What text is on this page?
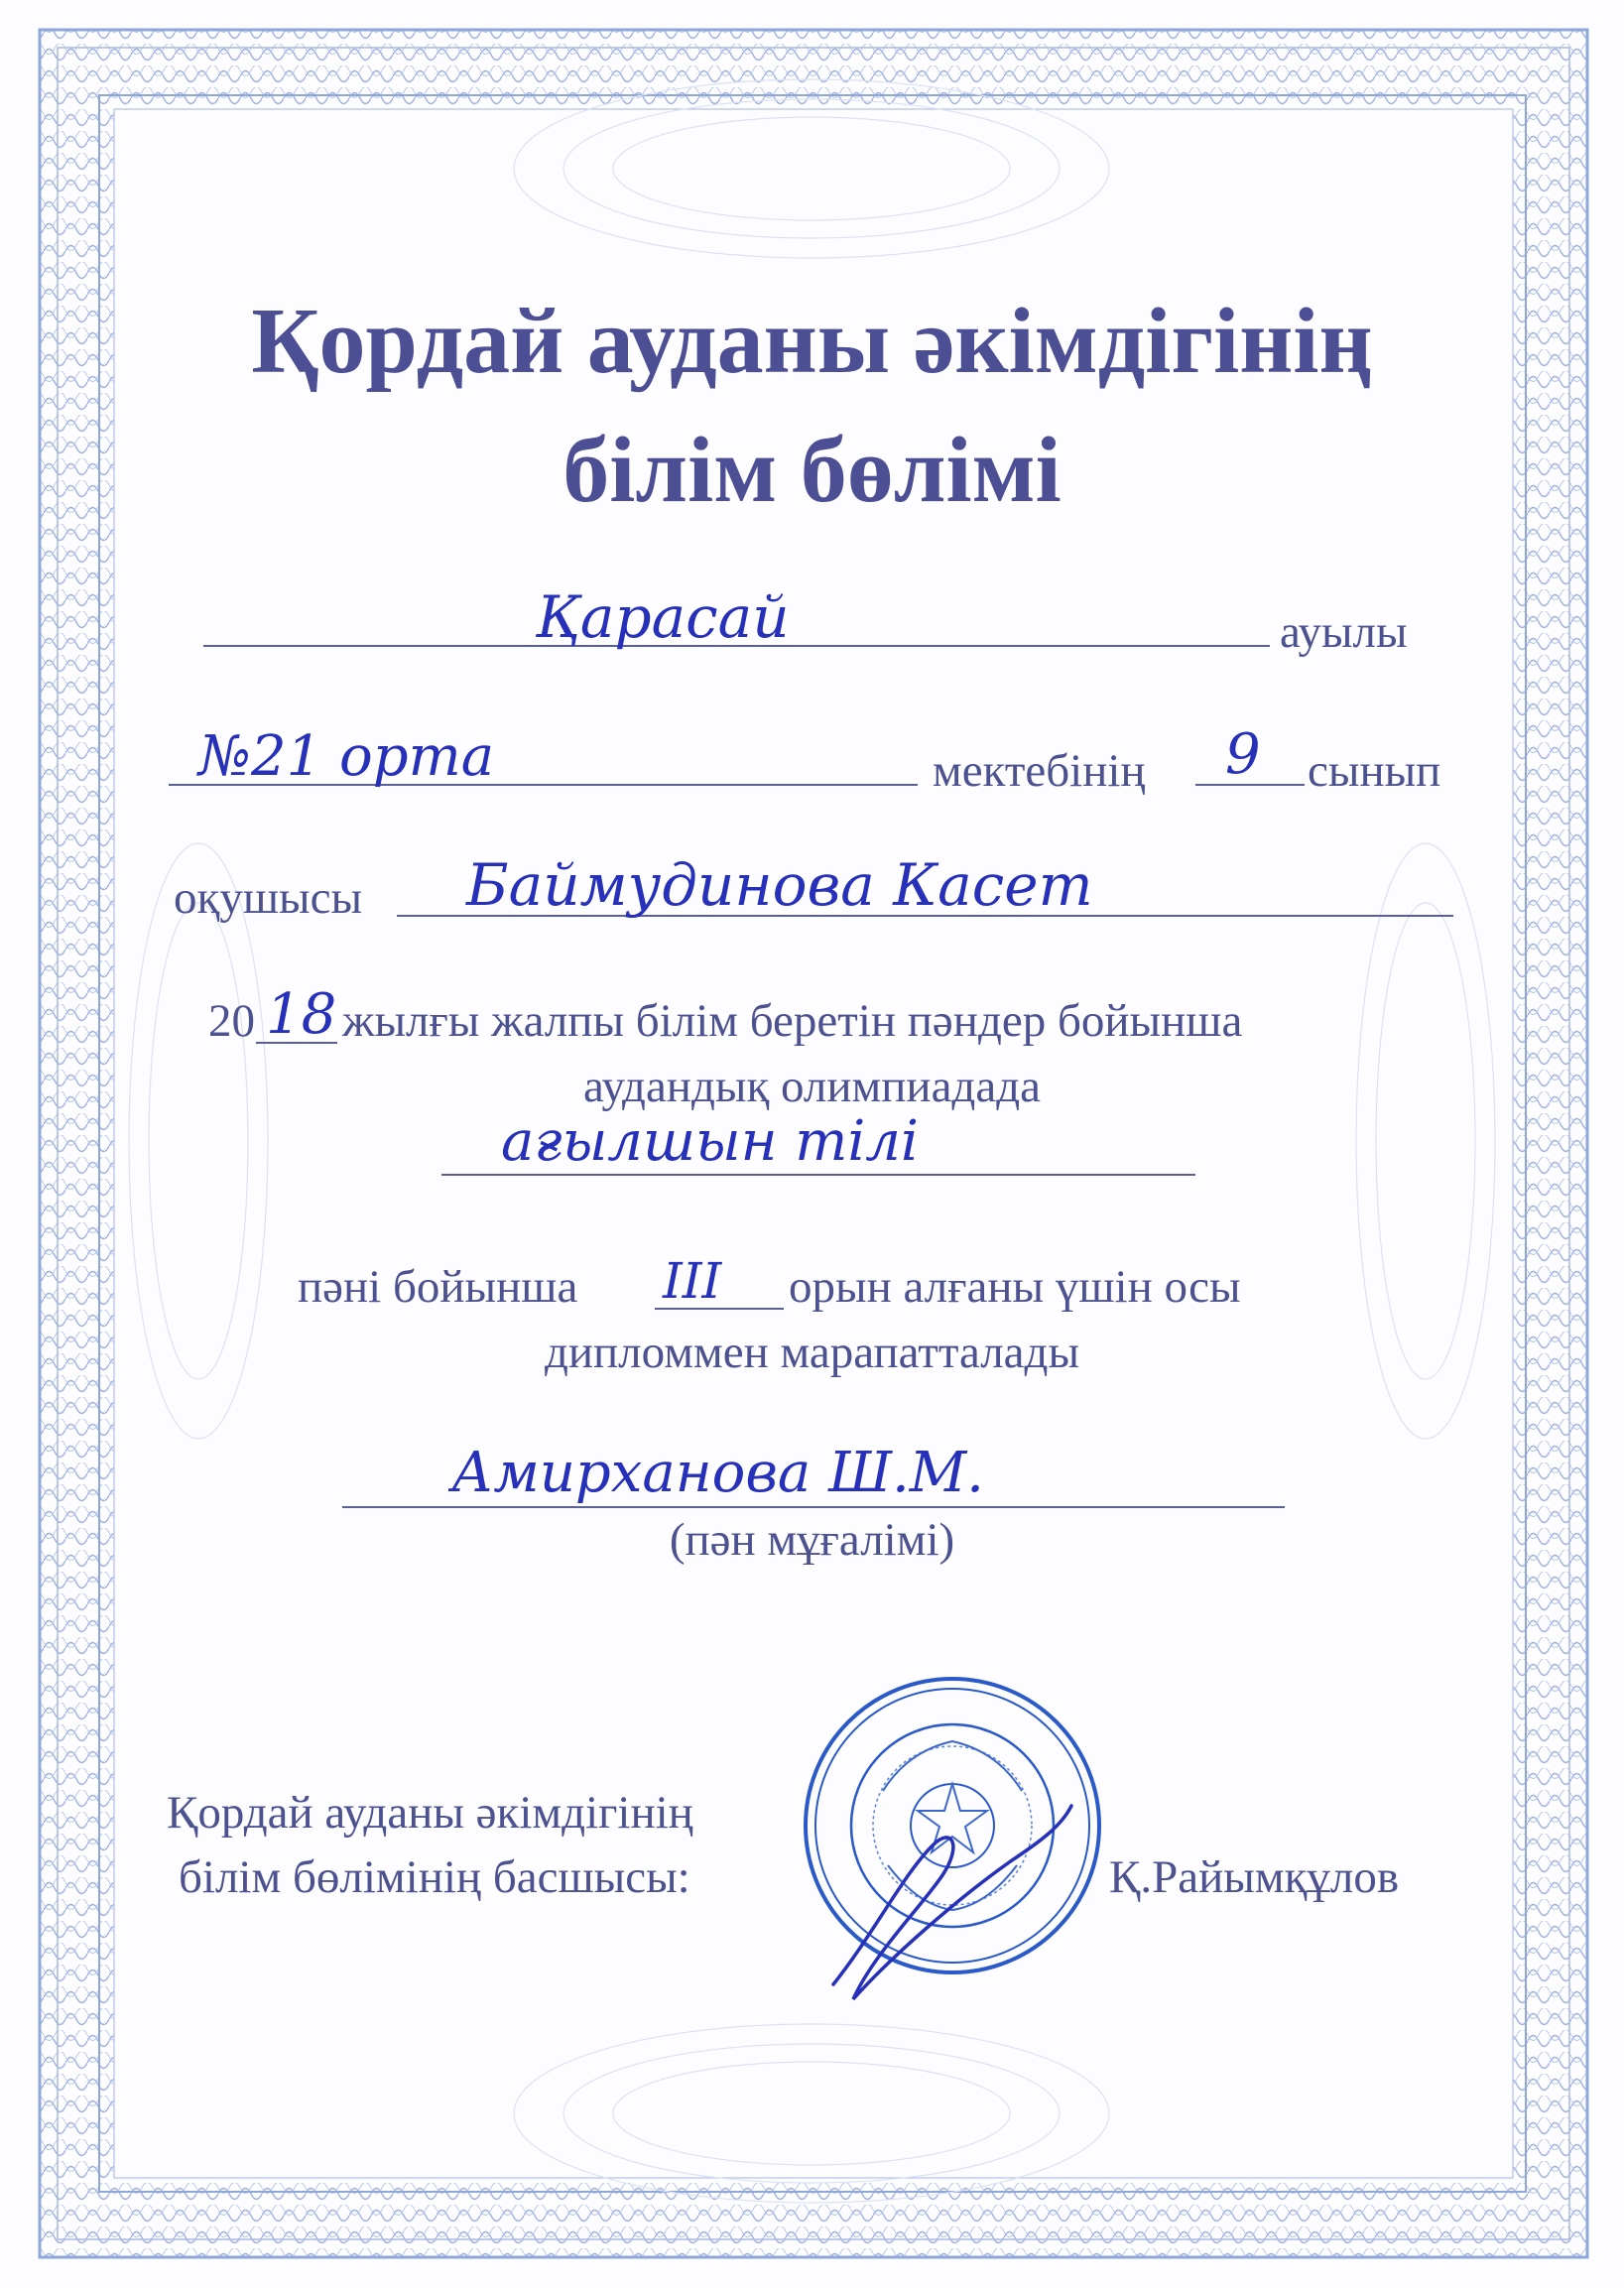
Қордай ауданы әкімдігінің
білім бөлімі
Қарасай	ауылы
№21 орта	мектебінің 9 сынып
оқушысы Баймудинова Касет
20 18 жылғы жалпы білім беретін пәндер бойынша
аудандық олимпиадада
ағылшын тілі
пәні бойынша III орын алғаны үшін осы
дипломмен марапатталады
Амирханова Ш.М.
(пән мұғалімі)
Қордай ауданы әкімдігінің
білім бөлімінің басшысы:	Қ.Райымқұлов
